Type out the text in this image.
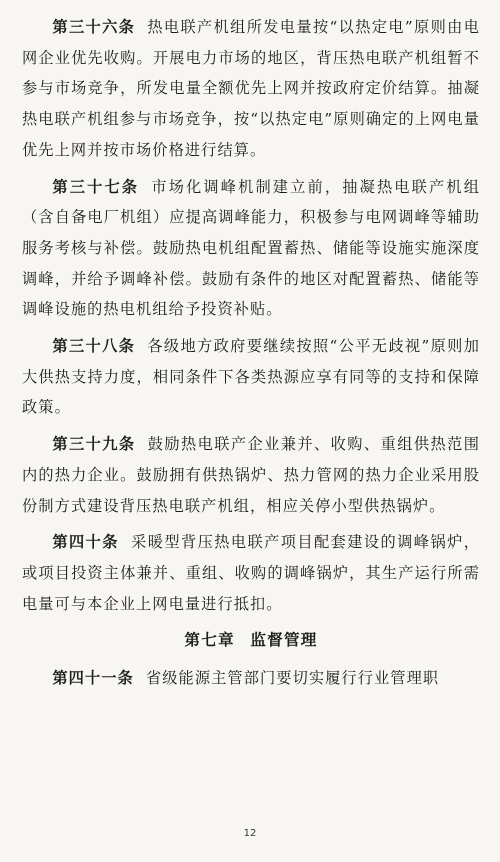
第三十六条 热电联产机组所发电量按“以热定电”原则由电网企业优先收购。开展电力市场的地区，背压热电联产机组暂不参与市场竞争，所发电量全额优先上网并按政府定价结算。抽凝热电联产机组参与市场竞争，按“以热定电”原则确定的上网电量优先上网并按市场价格进行结算。

第三十七条 市场化调峰机制建立前，抽凝热电联产机组（含自备电厂机组）应提高调峰能力，积极参与电网调峰等辅助服务考核与补偿。鼓励热电机组配置蓄热、储能等设施实施深度调峰，并给予调峰补偿。鼓励有条件的地区对配置蓄热、储能等调峰设施的热电机组给予投资补贴。

第三十八条 各级地方政府要继续按照“公平无歧视”原则加大供热支持力度，相同条件下各类热源应享有同等的支持和保障政策。

第三十九条 鼓励热电联产企业兼并、收购、重组供热范围内的热力企业。鼓励拥有供热锅炉、热力管网的热力企业采用股份制方式建设背压热电联产机组，相应关停小型供热锅炉。

第四十条 采暖型背压热电联产项目配套建设的调峰锅炉，或项目投资主体兼并、重组、收购的调峰锅炉，其生产运行所需电量可与本企业上网电量进行抵扣。

第七章 监督管理

第四十一条 省级能源主管部门要切实履行行业管理职

12
